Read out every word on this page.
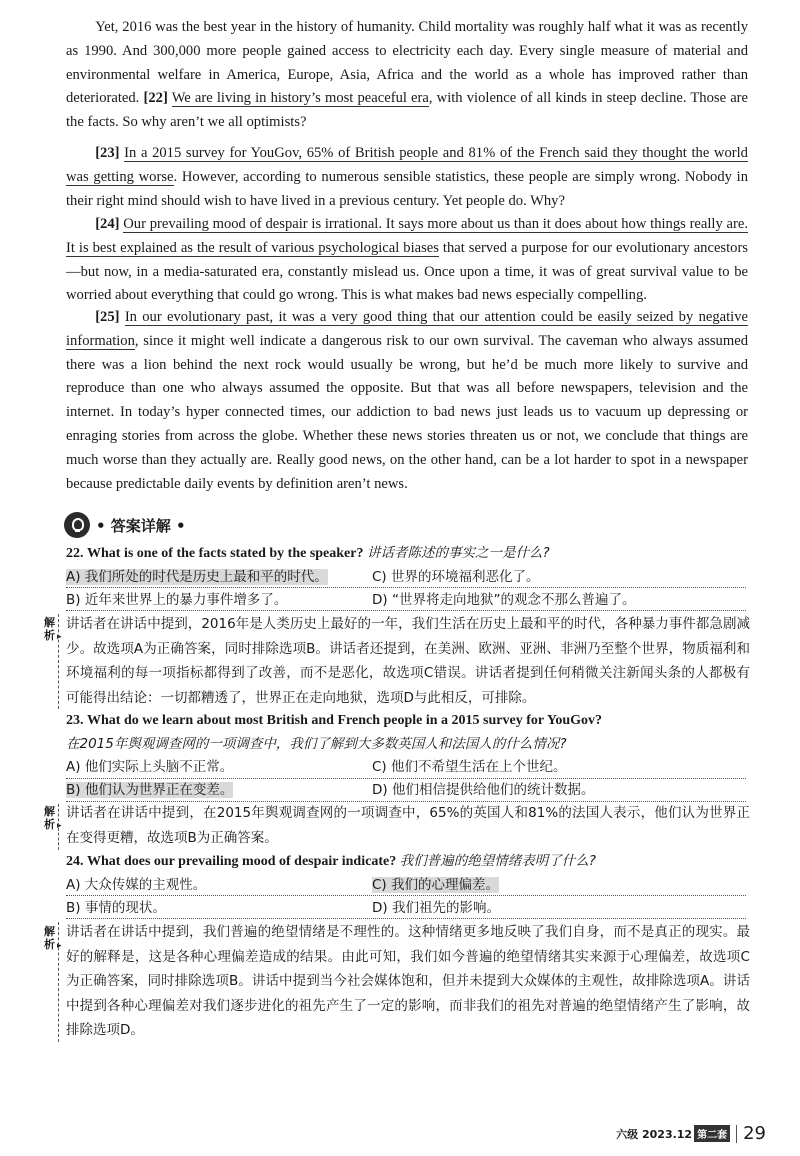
Yet, 2016 was the best year in the history of humanity. Child mortality was roughly half what it was as recently as 1990. And 300,000 more people gained access to electricity each day. Every single measure of material and environmental welfare in America, Europe, Asia, Africa and the world as a whole has improved rather than deteriorated. [22] We are living in history’s most peaceful era, with violence of all kinds in steep decline. Those are the facts. So why aren’t we all optimists?

[23] In a 2015 survey for YouGov, 65% of British people and 81% of the French said they thought the world was getting worse. However, according to numerous sensible statistics, these people are simply wrong. Nobody in their right mind should wish to have lived in a previous century. Yet people do. Why?

[24] Our prevailing mood of despair is irrational. It says more about us than it does about how things really are. It is best explained as the result of various psychological biases that served a purpose for our evolutionary ancestors—but now, in a media-saturated era, constantly mislead us. Once upon a time, it was of great survival value to be worried about everything that could go wrong. This is what makes bad news especially compelling.

[25] In our evolutionary past, it was a very good thing that our attention could be easily seized by negative information, since it might well indicate a dangerous risk to our own survival. The caveman who always assumed there was a lion behind the next rock would usually be wrong, but he’d be much more likely to survive and reproduce than one who always assumed the opposite. But that was all before newspapers, television and the internet. In today’s hyper connected times, our addiction to bad news just leads us to vacuum up depressing or enraging stories from across the globe. Whether these news stories threaten us or not, we conclude that things are much worse than they actually are. Really good news, on the other hand, can be a lot harder to spot in a newspaper because predictable daily events by definition aren’t news.

• 答案详解 •
22. What is one of the facts stated by the speaker? 讲话者陈述的事实之一是什么?
A) 我们所处的时代是历史上最和平的时代。	C) 世界的环境福利恶化了。
B) 近年来世界上的暴力事件增多了。	D) “世界将走向地狱”的观念不那么普遍了。
解析 ▸
讲话者在讲话中提到，2016年是人类历史上最好的一年，我们生活在历史上最和平的时代，各种暴力事件都急剧减少。故选项A为正确答案，同时排除选项B。讲话者还提到，在美洲、欧洲、亚洲、非洲乃至整个世界，物质福利和环境福利的每一项指标都得到了改善，而不是恶化，故选项C错误。讲话者提到任何稍微关注新闻头条的人都极有可能得出结论：一切都糟透了，世界正在走向地狱，选项D与此相反，可排除。
23. What do we learn about most British and French people in a 2015 survey for YouGov?
在2015年舆观调查网的一项调查中，我们了解到大多数英国人和法国人的什么情况?
A) 他们实际上头脑不正常。	C) 他们不希望生活在上个世纪。
B) 他们认为世界正在变差。	D) 他们相信提供给他们的统计数据。
解析 ▸
讲话者在讲话中提到，在2015年舆观调查网的一项调查中，65%的英国人和81%的法国人表示，他们认为世界正在变得更糟，故选项B为正确答案。
24. What does our prevailing mood of despair indicate? 我们普遍的绝望情绪表明了什么?
A) 大众传媒的主观性。	C) 我们的心理偏差。
B) 事情的现状。	D) 我们祖先的影响。
解析 ▸
讲话者在讲话中提到，我们普遍的绝望情绪是不理性的。这种情绪更多地反映了我们自身，而不是真正的现实。最好的解释是，这是各种心理偏差造成的结果。由此可知，我们如今普遍的绝望情绪其实来源于心理偏差，故选项C为正确答案，同时排除选项B。讲话中提到当今社会媒体饱和，但并未提到大众媒体的主观性，故排除选项A。讲话中提到各种心理偏差对我们逐步进化的祖先产生了一定的影响，而非我们的祖先对普遍的绝望情绪产生了影响，故排除选项D。
六级 2023.12 第二套 29
